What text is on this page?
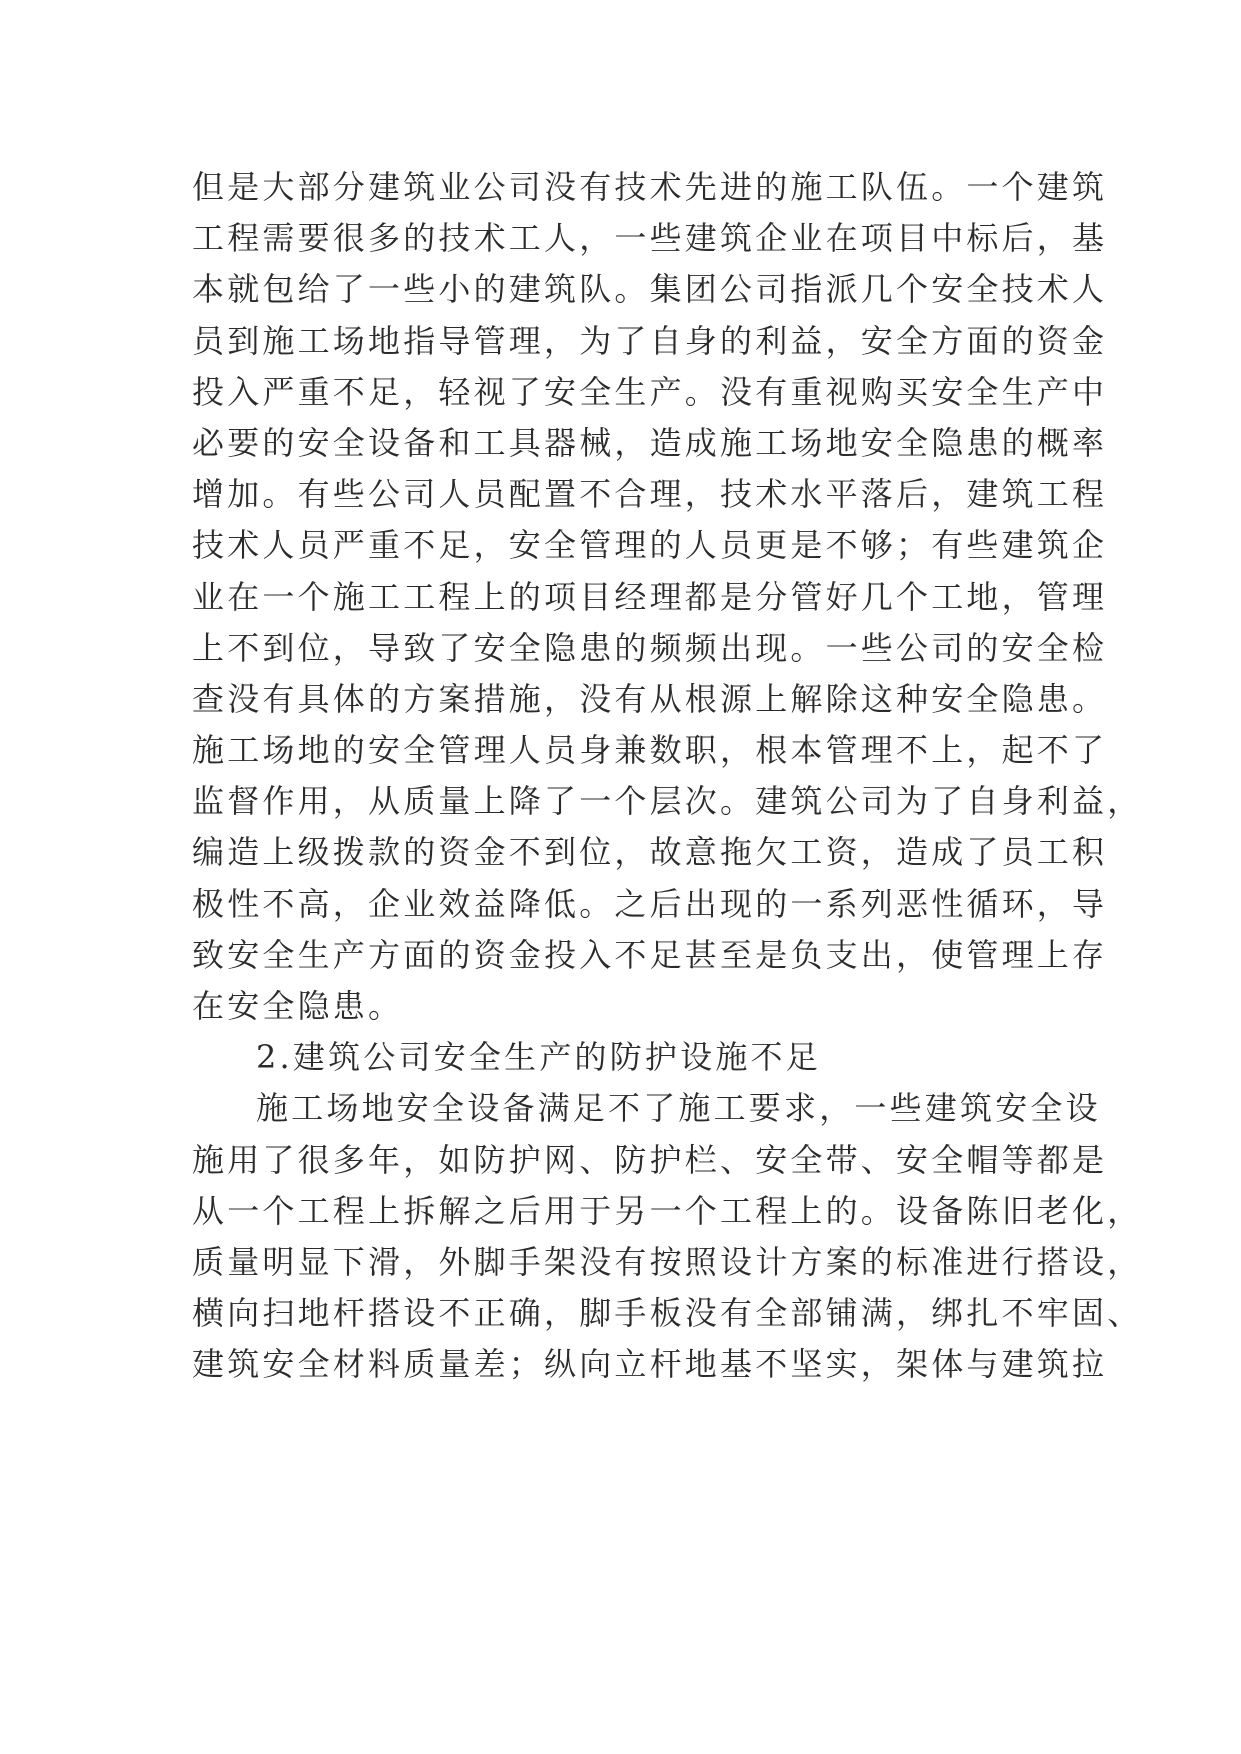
但是大部分建筑业公司没有技术先进的施工队伍。一个建筑
工程需要很多的技术工人，一些建筑企业在项目中标后，基
本就包给了一些小的建筑队。集团公司指派几个安全技术人
员到施工场地指导管理，为了自身的利益，安全方面的资金
投入严重不足，轻视了安全生产。没有重视购买安全生产中
必要的安全设备和工具器械，造成施工场地安全隐患的概率
增加。有些公司人员配置不合理，技术水平落后，建筑工程
技术人员严重不足，安全管理的人员更是不够；有些建筑企
业在一个施工工程上的项目经理都是分管好几个工地，管理
上不到位，导致了安全隐患的频频出现。一些公司的安全检
查没有具体的方案措施，没有从根源上解除这种安全隐患。
施工场地的安全管理人员身兼数职，根本管理不上，起不了
监督作用，从质量上降了一个层次。建筑公司为了自身利益，
编造上级拨款的资金不到位，故意拖欠工资，造成了员工积
极性不高，企业效益降低。之后出现的一系列恶性循环，导
致安全生产方面的资金投入不足甚至是负支出，使管理上存
在安全隐患。
2.建筑公司安全生产的防护设施不足
施工场地安全设备满足不了施工要求，一些建筑安全设
施用了很多年，如防护网、防护栏、安全带、安全帽等都是
从一个工程上拆解之后用于另一个工程上的。设备陈旧老化，
质量明显下滑，外脚手架没有按照设计方案的标准进行搭设，
横向扫地杆搭设不正确，脚手板没有全部铺满，绑扎不牢固、
建筑安全材料质量差；纵向立杆地基不坚实，架体与建筑拉
